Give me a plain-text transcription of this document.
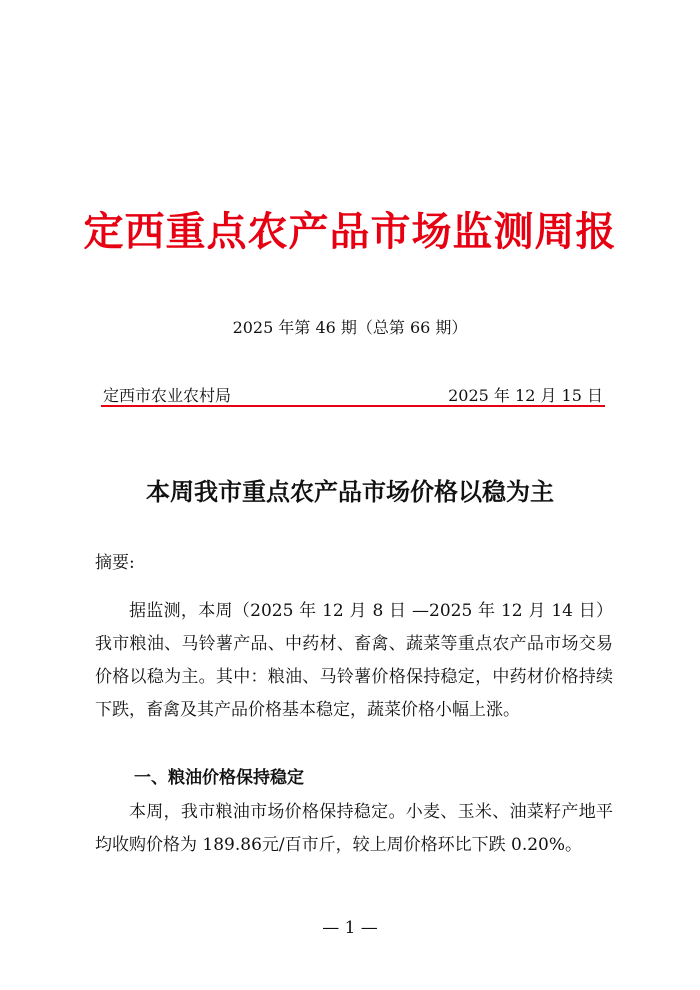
定西重点农产品市场监测周报
2025 年第 46 期（总第 66 期）
定西市农业农村局	2025 年 12 月 15 日
本周我市重点农产品市场价格以稳为主
摘要:
据监测，本周（2025 年 12 月 8 日 —2025 年 12 月 14 日）我市粮油、马铃薯产品、中药材、畜禽、蔬菜等重点农产品市场交易价格以稳为主。其中：粮油、马铃薯价格保持稳定，中药材价格持续下跌，畜禽及其产品价格基本稳定，蔬菜价格小幅上涨。
一、粮油价格保持稳定
本周，我市粮油市场价格保持稳定。小麦、玉米、油菜籽产地平均收购价格为 189.86元/百市斤，较上周价格环比下跌 0.20%。
— 1 —
